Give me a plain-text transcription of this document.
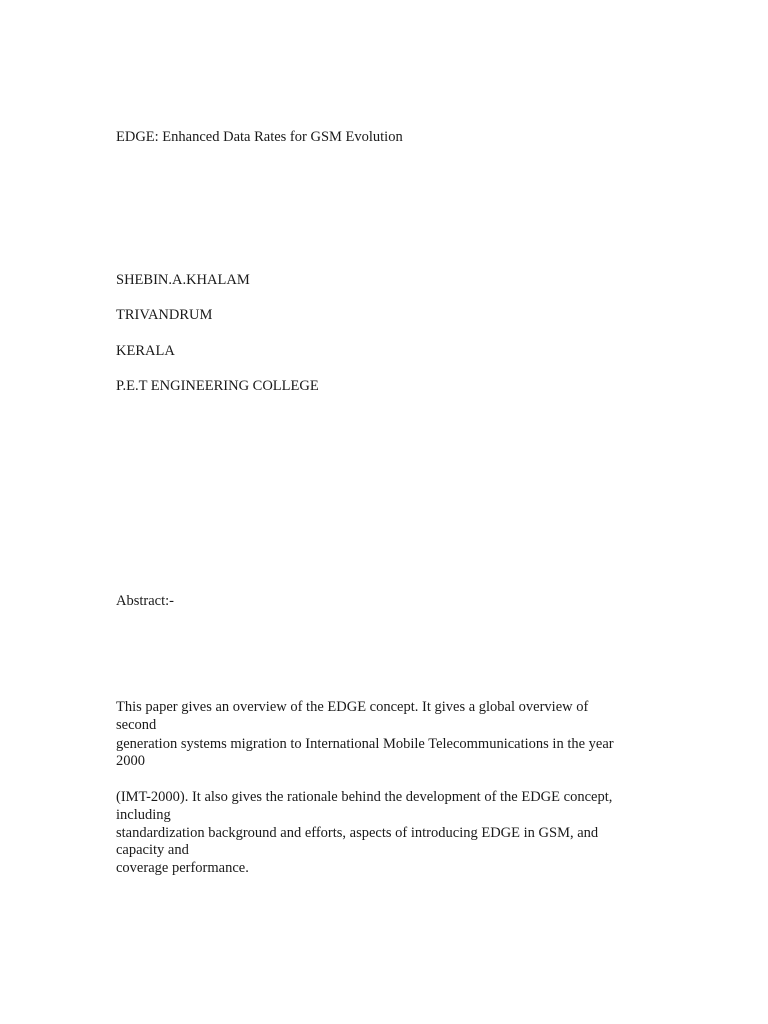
EDGE: Enhanced Data Rates for GSM Evolution
SHEBIN.A.KHALAM
TRIVANDRUM
KERALA
P.E.T ENGINEERING COLLEGE
Abstract:-
This paper gives an overview of the EDGE concept. It gives a global overview of
second
generation systems migration to International Mobile Telecommunications in the year
2000
(IMT-2000). It also gives the rationale behind the development of the EDGE concept,
including
standardization background and efforts, aspects of introducing EDGE in GSM, and
capacity and
coverage performance.
